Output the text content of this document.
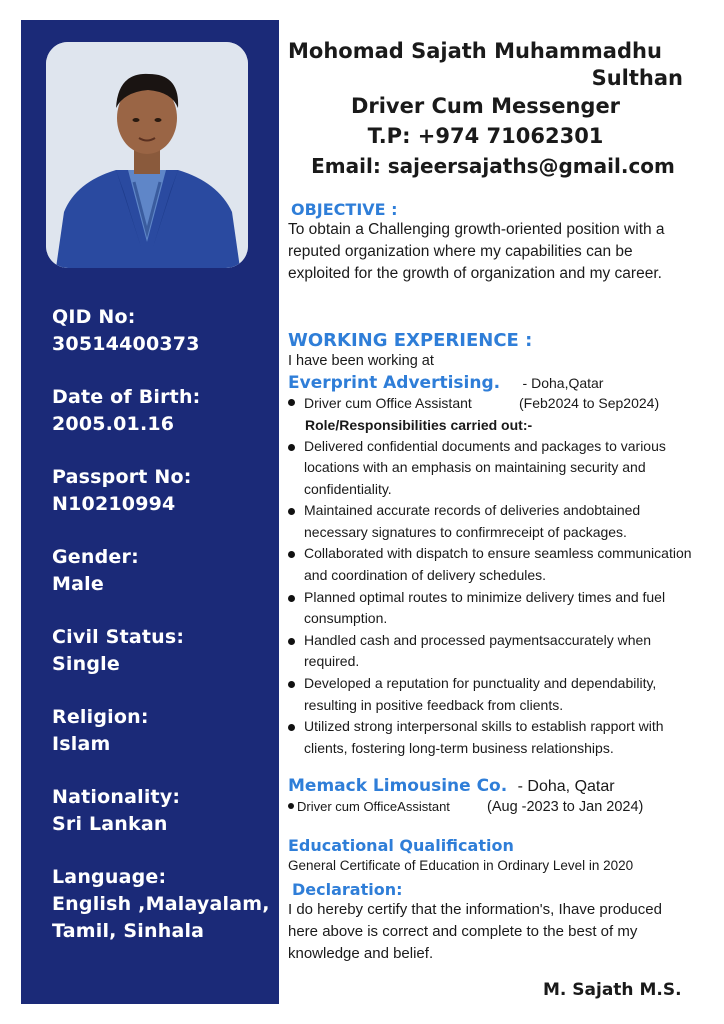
QID No:
30514400373
Date of Birth:
2005.01.16
Passport No:
N10210994
Gender:
Male
Civil Status:
Single
Religion:
Islam
Nationality:
Sri Lankan
Language:
English ,Malayalam,
Tamil, Sinhala
Mohomad Sajath Muhammadhu
Sulthan
Driver Cum Messenger
T.P: +974 71062301
Email: sajeersajaths@gmail.com
OBJECTIVE :
To obtain a Challenging growth-oriented position with a reputed organization where my capabilities can be exploited for the growth of organization and my career.
WORKING EXPERIENCE :
I have been working at
Everprint Advertising. - Doha,Qatar
Driver cum Office Assistant	(Feb2024 to Sep2024)
Role/Responsibilities carried out:-
Delivered confidential documents and packages to various locations with an emphasis on maintaining security and confidentiality.
Maintained accurate records of deliveries andobtained necessary signatures to confirmreceipt of packages.
Collaborated with dispatch to ensure seamless communication and coordination of delivery schedules.
Planned optimal routes to minimize delivery times and fuel consumption.
Handled cash and processed paymentsaccurately when required.
Developed a reputation for punctuality and dependability, resulting in positive feedback from clients.
Utilized strong interpersonal skills to establish rapport with clients, fostering long-term business relationships.
Memack Limousine Co. - Doha, Qatar
Driver cum OfficeAssistant	(Aug -2023 to Jan 2024)
Educational Qualification
General Certificate of Education in Ordinary Level in 2020
Declaration:
I do hereby certify that the information's, Ihave produced here above is correct and complete to the best of my knowledge and belief.
M. Sajath M.S.
